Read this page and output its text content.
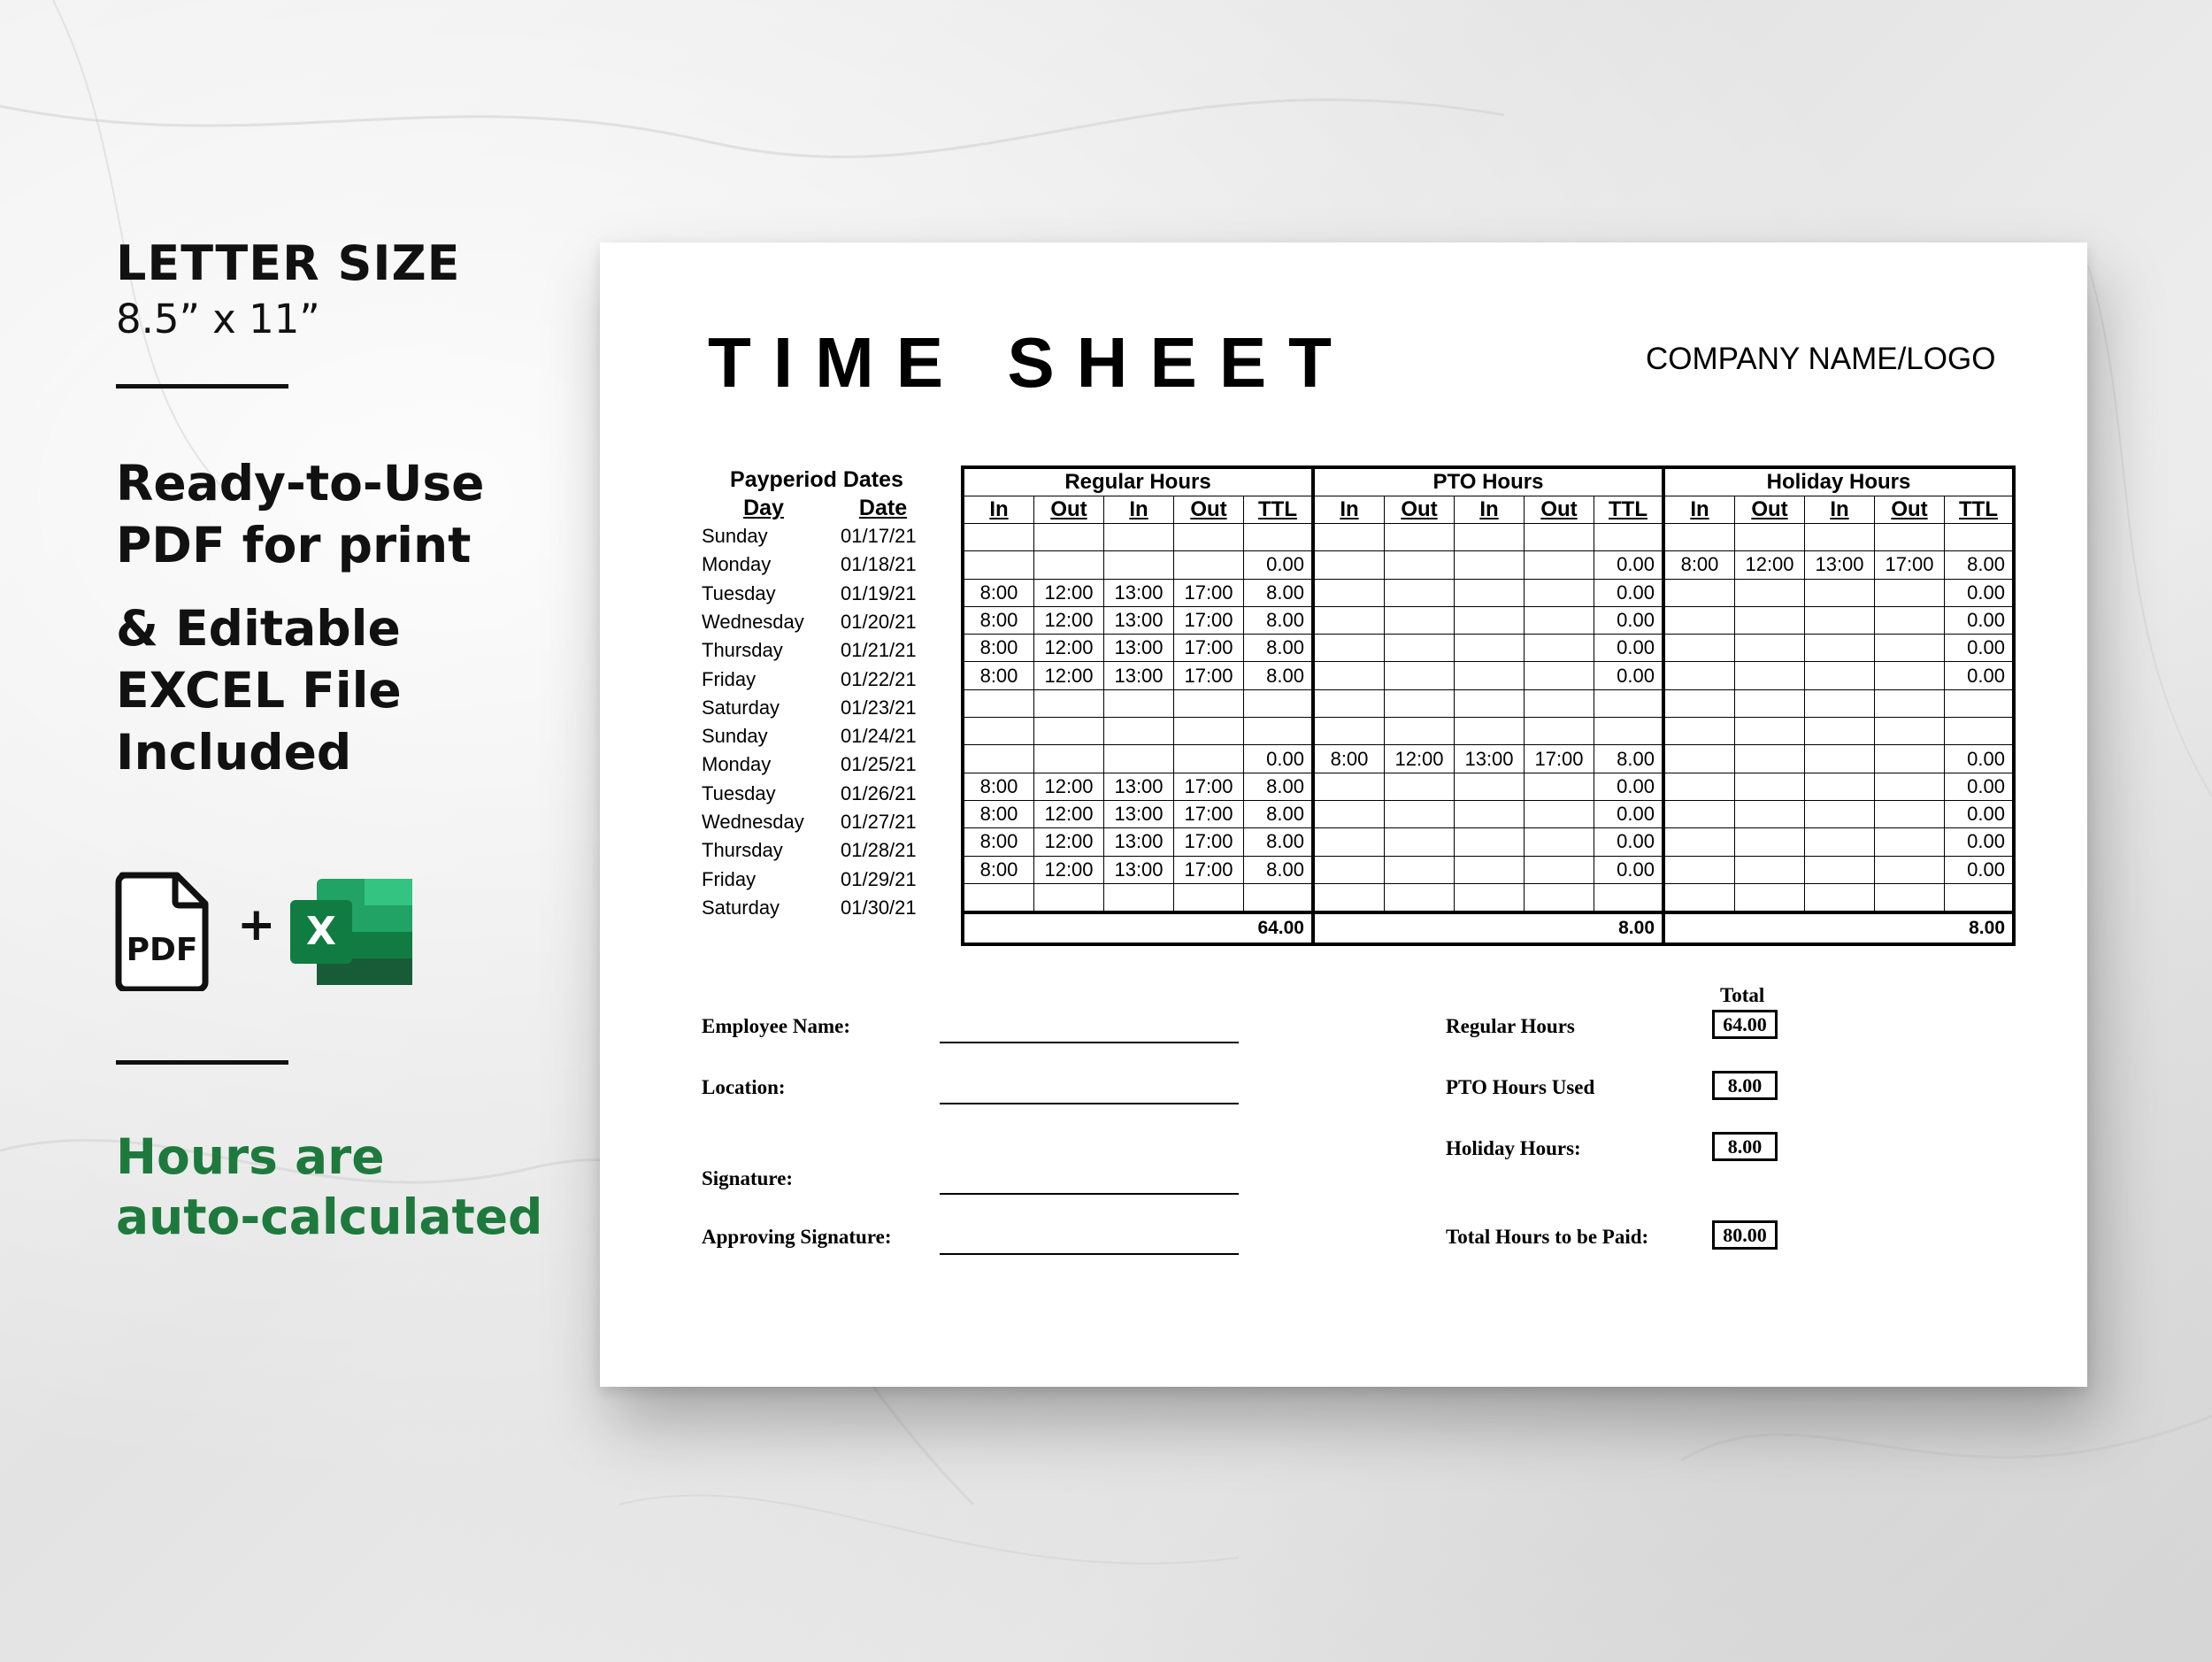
LETTER SIZE
8.5” x 11”
Ready-to-Use
PDF for print
& Editable
EXCEL File
Included
PDF + X
Hours are
auto-calculated
TIME SHEET	COMPANY NAME/LOGO
Payperiod Dates
Day	Date
Sunday	01/17/21
Monday	01/18/21
Tuesday	01/19/21
Wednesday 01/20/21
Thursday	01/21/21
Friday	01/22/21
Saturday	01/23/21
Sunday	01/24/21
Monday	01/25/21
Tuesday	01/26/21
Wednesday 01/27/21
Thursday	01/28/21
Friday	01/29/21
Saturday	01/30/21
Regular Hours					PTO Hours					Holiday Hours				
In	Out	In	Out	TTL	In	Out	In	Out	TTL	In	Out	In	Out	TTL

				0.00					0.00	8:00	12:00	13:00	17:00	8.00
8:00	12:00	13:00	17:00	8.00					0.00					0.00
8:00	12:00	13:00	17:00	8.00					0.00					0.00
8:00	12:00	13:00	17:00	8.00					0.00					0.00
8:00	12:00	13:00	17:00	8.00					0.00					0.00

				0.00	8:00	12:00	13:00	17:00	8.00					0.00
8:00	12:00	13:00	17:00	8.00					0.00					0.00
8:00	12:00	13:00	17:00	8.00					0.00					0.00
8:00	12:00	13:00	17:00	8.00					0.00					0.00
8:00	12:00	13:00	17:00	8.00					0.00					0.00

64.00					8.00					8.00				
Employee Name:
Location:
Signature:
Approving Signature:
Total
Regular Hours	64.00
PTO Hours Used	8.00
Holiday Hours:	8.00
Total Hours to be Paid:	80.00
